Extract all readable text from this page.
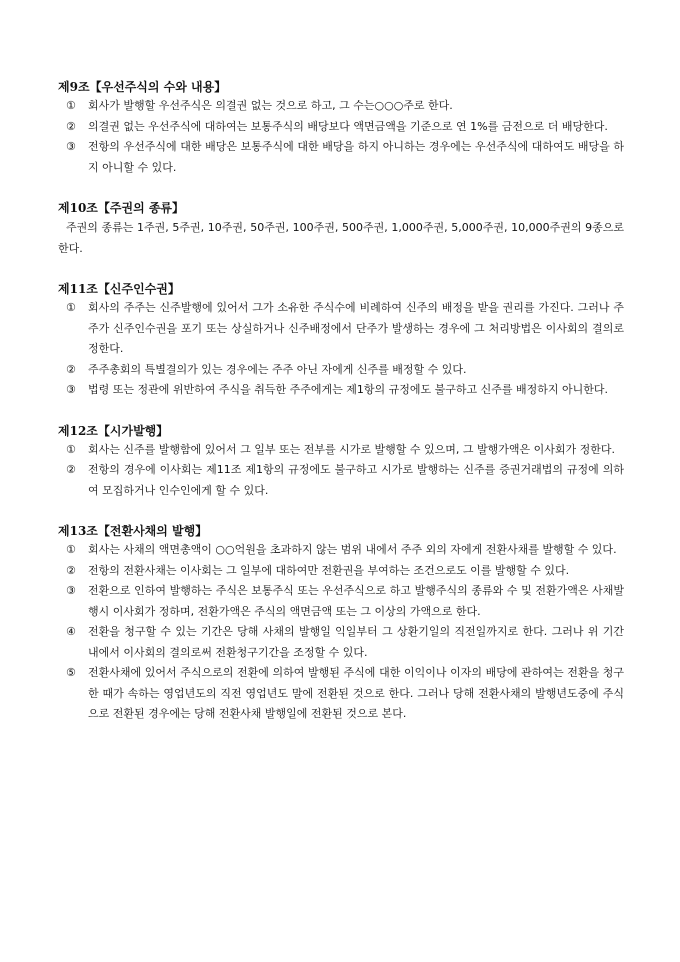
제9조【우선주식의 수와 내용】
① 회사가 발행할 우선주식은 의결권 없는 것으로 하고, 그 수는○○○주로 한다.
② 의결권 없는 우선주식에 대하여는 보통주식의 배당보다 액면금액을 기준으로 연 1%를 금전으로 더 배당한다.
③ 전항의 우선주식에 대한 배당은 보통주식에 대한 배당을 하지 아니하는 경우에는 우선주식에 대하여도 배당을 하지 아니할 수 있다.
제10조【주권의 종류】
주권의 종류는 1주권, 5주권, 10주권, 50주권, 100주권, 500주권, 1,000주권, 5,000주권, 10,000주권의 9종으로 한다.
제11조【신주인수권】
① 회사의 주주는 신주발행에 있어서 그가 소유한 주식수에 비례하여 신주의 배정을 받을 권리를 가진다. 그러나 주주가 신주인수권을 포기 또는 상실하거나 신주배정에서 단주가 발생하는 경우에 그 처리방법은 이사회의 결의로 정한다.
② 주주총회의 특별결의가 있는 경우에는 주주 아닌 자에게 신주를 배정할 수 있다.
③ 법령 또는 정관에 위반하여 주식을 취득한 주주에게는 제1항의 규정에도 불구하고 신주를 배정하지 아니한다.
제12조【시가발행】
① 회사는 신주를 발행함에 있어서 그 일부 또는 전부를 시가로 발행할 수 있으며, 그 발행가액은 이사회가 정한다.
② 전항의 경우에 이사회는 제11조 제1항의 규정에도 불구하고 시가로 발행하는 신주를 증권거래법의 규정에 의하여 모집하거나 인수인에게 할 수 있다.
제13조【전환사채의 발행】
① 회사는 사채의 액면총액이 ○○억원을 초과하지 않는 범위 내에서 주주 외의 자에게 전환사채를 발행할 수 있다.
② 전항의 전환사채는 이사회는 그 일부에 대하여만 전환권을 부여하는 조건으로도 이를 발행할 수 있다.
③ 전환으로 인하여 발행하는 주식은 보통주식 또는 우선주식으로 하고 발행주식의 종류와 수 및 전환가액은 사채발행시 이사회가 정하며, 전환가액은 주식의 액면금액 또는 그 이상의 가액으로 한다.
④ 전환을 청구할 수 있는 기간은 당해 사채의 발행일 익일부터 그 상환기일의 직전일까지로 한다. 그러나 위 기간 내에서 이사회의 결의로써 전환청구기간을 조정할 수 있다.
⑤ 전환사채에 있어서 주식으로의 전환에 의하여 발행된 주식에 대한 이익이나 이자의 배당에 관하여는 전환을 청구한 때가 속하는 영업년도의 직전 영업년도 말에 전환된 것으로 한다. 그러나 당해 전환사채의 발행년도중에 주식으로 전환된 경우에는 당해 전환사채 발행일에 전환된 것으로 본다.
